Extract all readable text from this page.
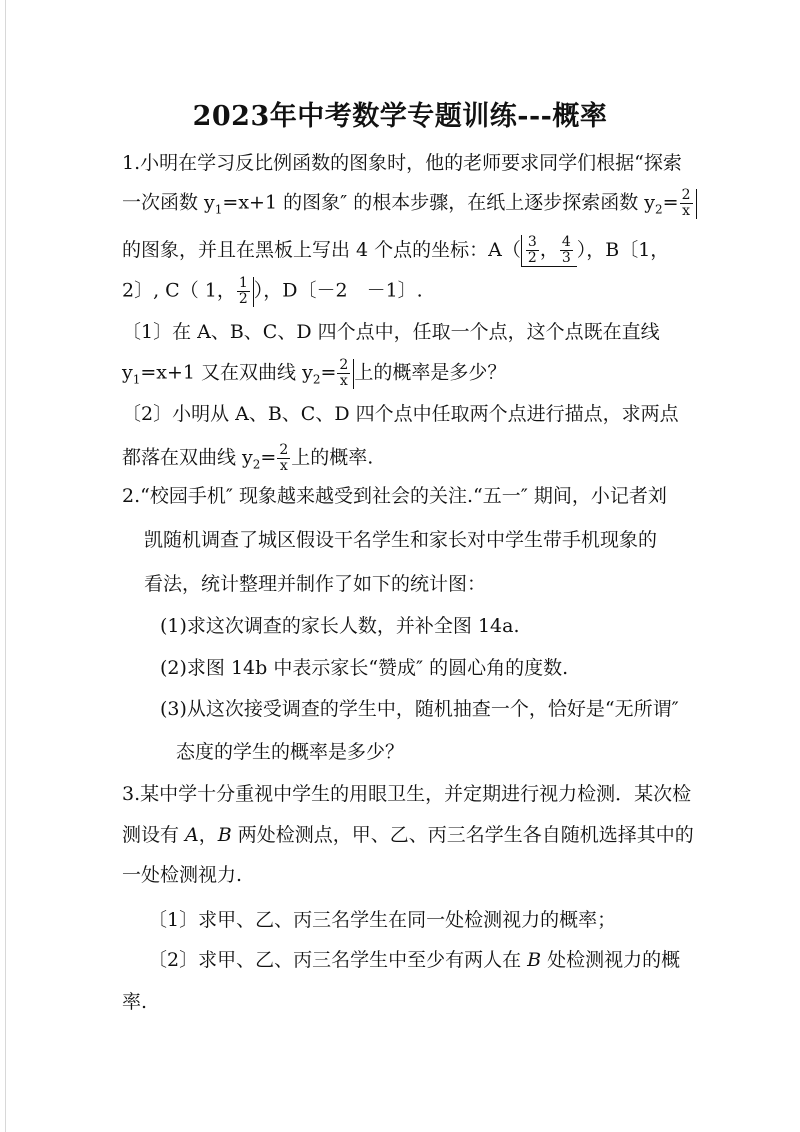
2023年中考数学专题训练---概率
1.小明在学习反比例函数的图象时，他的老师要求同学们根据“探索
一次函数 $y_1=x+1$ 的图象″ 的根本步骤，在纸上逐步探索函数 $y_2= \frac{2}{x}$
的图象，并且在黑板上写出 4 个点的坐标：$A( \frac{3}{2}$ ， $\frac{4}{3}$ ），B〔1，
2〕, C（ 1， $\frac{1}{2}$ ），D〔－2　－1〕.
〔1〕在 A、B、C、D 四个点中，任取一个点，这个点既在直线
$y_1=x+1$ 又在双曲线 $y_2= \frac{2}{x}$ 上的概率是多少？
〔2〕小明从 A、B、C、D 四个点中任取两个点进行描点，求两点
都落在双曲线 $y_2= \frac{2}{x}$ 上的概率.
2.“校园手机″ 现象越来越受到社会的关注.“五一″ 期间，小记者刘
凯随机调查了城区假设干名学生和家长对中学生带手机现象的
看法，统计整理并制作了如下的统计图：
(1)求这次调查的家长人数，并补全图 14a.
(2)求图 14b 中表示家长“赞成″ 的圆心角的度数.
(3)从这次接受调查的学生中，随机抽查一个，恰好是“无所谓″
态度的学生的概率是多少？
3.某中学十分重视中学生的用眼卫生，并定期进行视力检测．某次检
测设有 A，B 两处检测点，甲、乙、丙三名学生各自随机选择其中的
一处检测视力.
〔1〕求甲、乙、丙三名学生在同一处检测视力的概率；
〔2〕求甲、乙、丙三名学生中至少有两人在 B 处检测视力的概
率.
